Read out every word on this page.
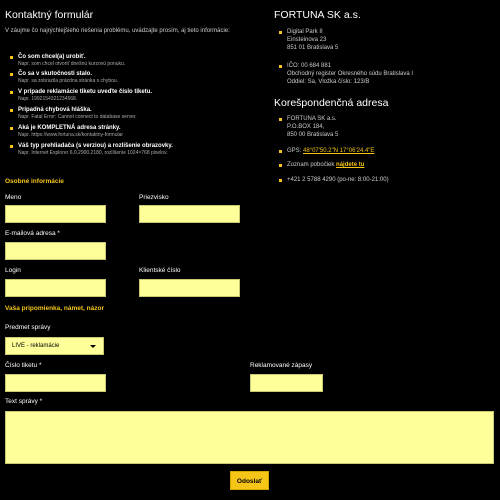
Kontaktný formulár

V záujme čo najrýchlejšieho riešenia problému, uvádzajte prosím, aj tieto informácie:

Čo som chcel(a) urobiť.
Napr. som chcel otvoriť dnešnú kurzovú ponuku.
Čo sa v skutočnosti stalo.
Napr. sa zobrazila prázdna stránka s chybou.
V prípade reklamácie tiketu uveďte číslo tiketu.
Napr. 1992154321234568.
Prípadná chybová hláška.
Napr. Fatal Error: Cannot connect to database server.
Aká je KOMPLETNÁ adresa stránky.
Napr. https://www.fortuna.sk/kontaktny-formular
Váš typ prehliadača (s verziou) a rozlíšenie obrazovky.
Napr. Internet Explorer 6.0.2900.2180, rozlíšenie 1024×768 pixelov.
FORTUNA SK a.s.
Digital Park II
Einsteinova 23
851 01 Bratislava 5
IČO: 00 684 881
Obchodný register Okresného súdu Bratislava I
Oddiel: Sa, Vložka číslo: 123/B
Korešpondenčná adresa
FORTUNA SK a.s.
P.O.BOX 184,
850 00 Bratislava 5
GPS: 48°07'50.2"N 17°06'24.4"E
Zoznam pobočiek nájdete tu
+421 2 5788 4290 (po-ne: 8:00-21:00)
Osobné informácie
Meno	Priezvisko
E-mailová adresa *
Login	Klientské číslo
Vaša pripomienka, námet, názor
Predmet správy
LIVE - reklamácie
Číslo tiketu *	Reklamované zápasy
Text správy *
Odoslať
